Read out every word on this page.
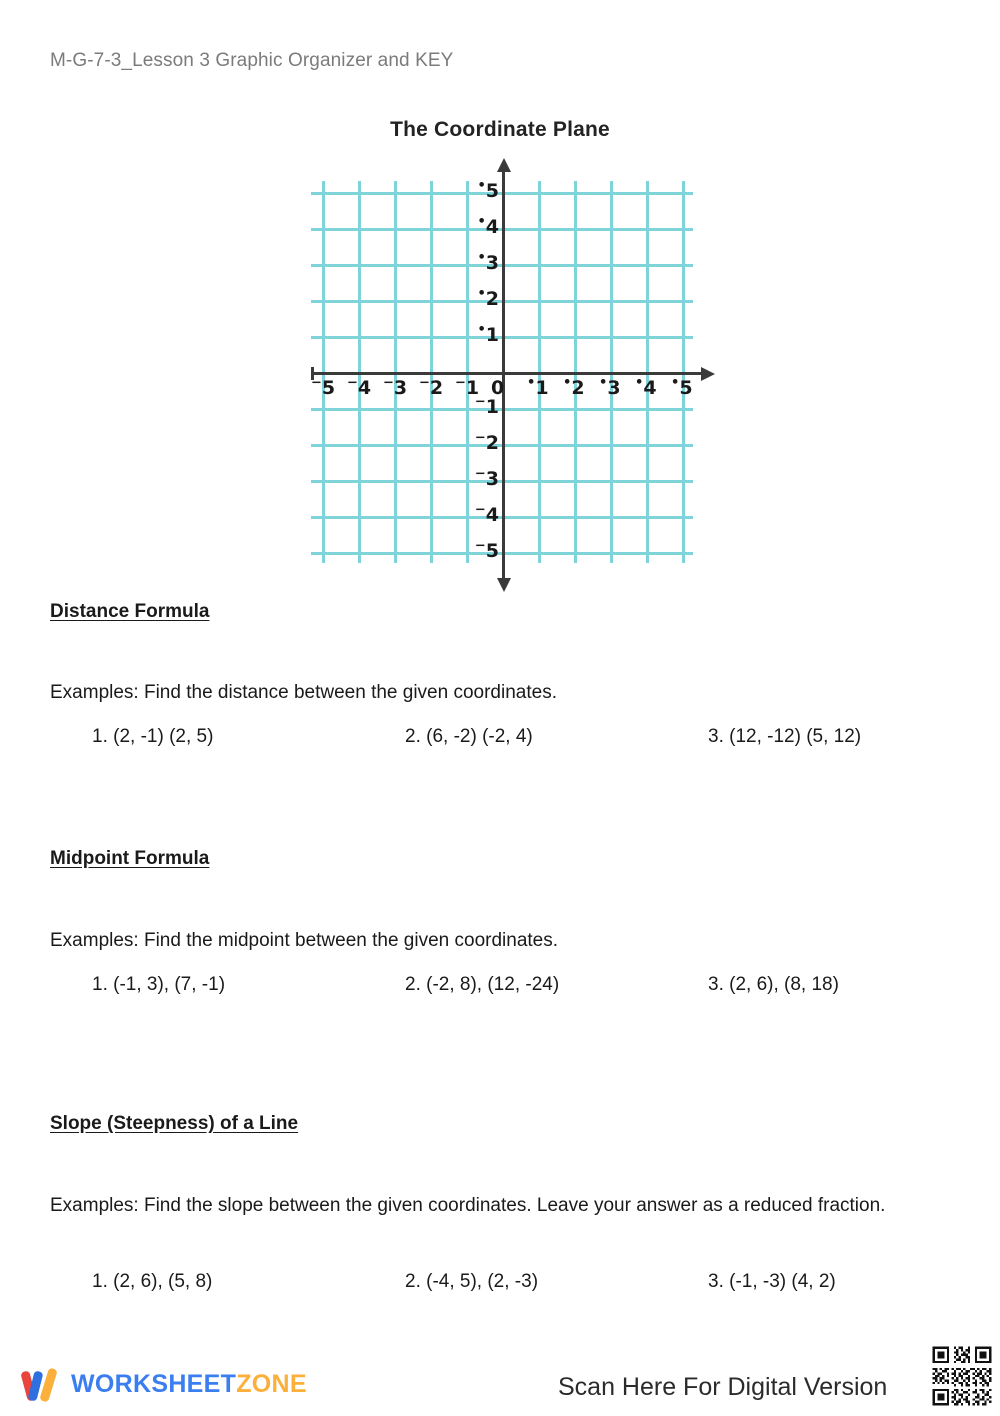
M-G-7-3_Lesson 3 Graphic Organizer and KEY
The Coordinate Plane
−5 −4 −3 −2 −1 0 •1 •2 •3 •4 •5
•5
•4
•3
•2
•1
−1
−2
−3
−4
−5
Distance Formula
Examples: Find the distance between the given coordinates.
1. (2, -1) (2, 5)	2. (6, -2) (-2, 4)	3. (12, -12) (5, 12)
Midpoint Formula
Examples: Find the midpoint between the given coordinates.
1. (-1, 3), (7, -1)	2. (-2, 8), (12, -24)	3. (2, 6), (8, 18)
Slope (Steepness) of a Line
Examples: Find the slope between the given coordinates. Leave your answer as a reduced fraction.
1. (2, 6), (5, 8)	2. (-4, 5), (2, -3)	3. (-1, -3) (4, 2)
WORKSHEETZONE	Scan Here For Digital Version
